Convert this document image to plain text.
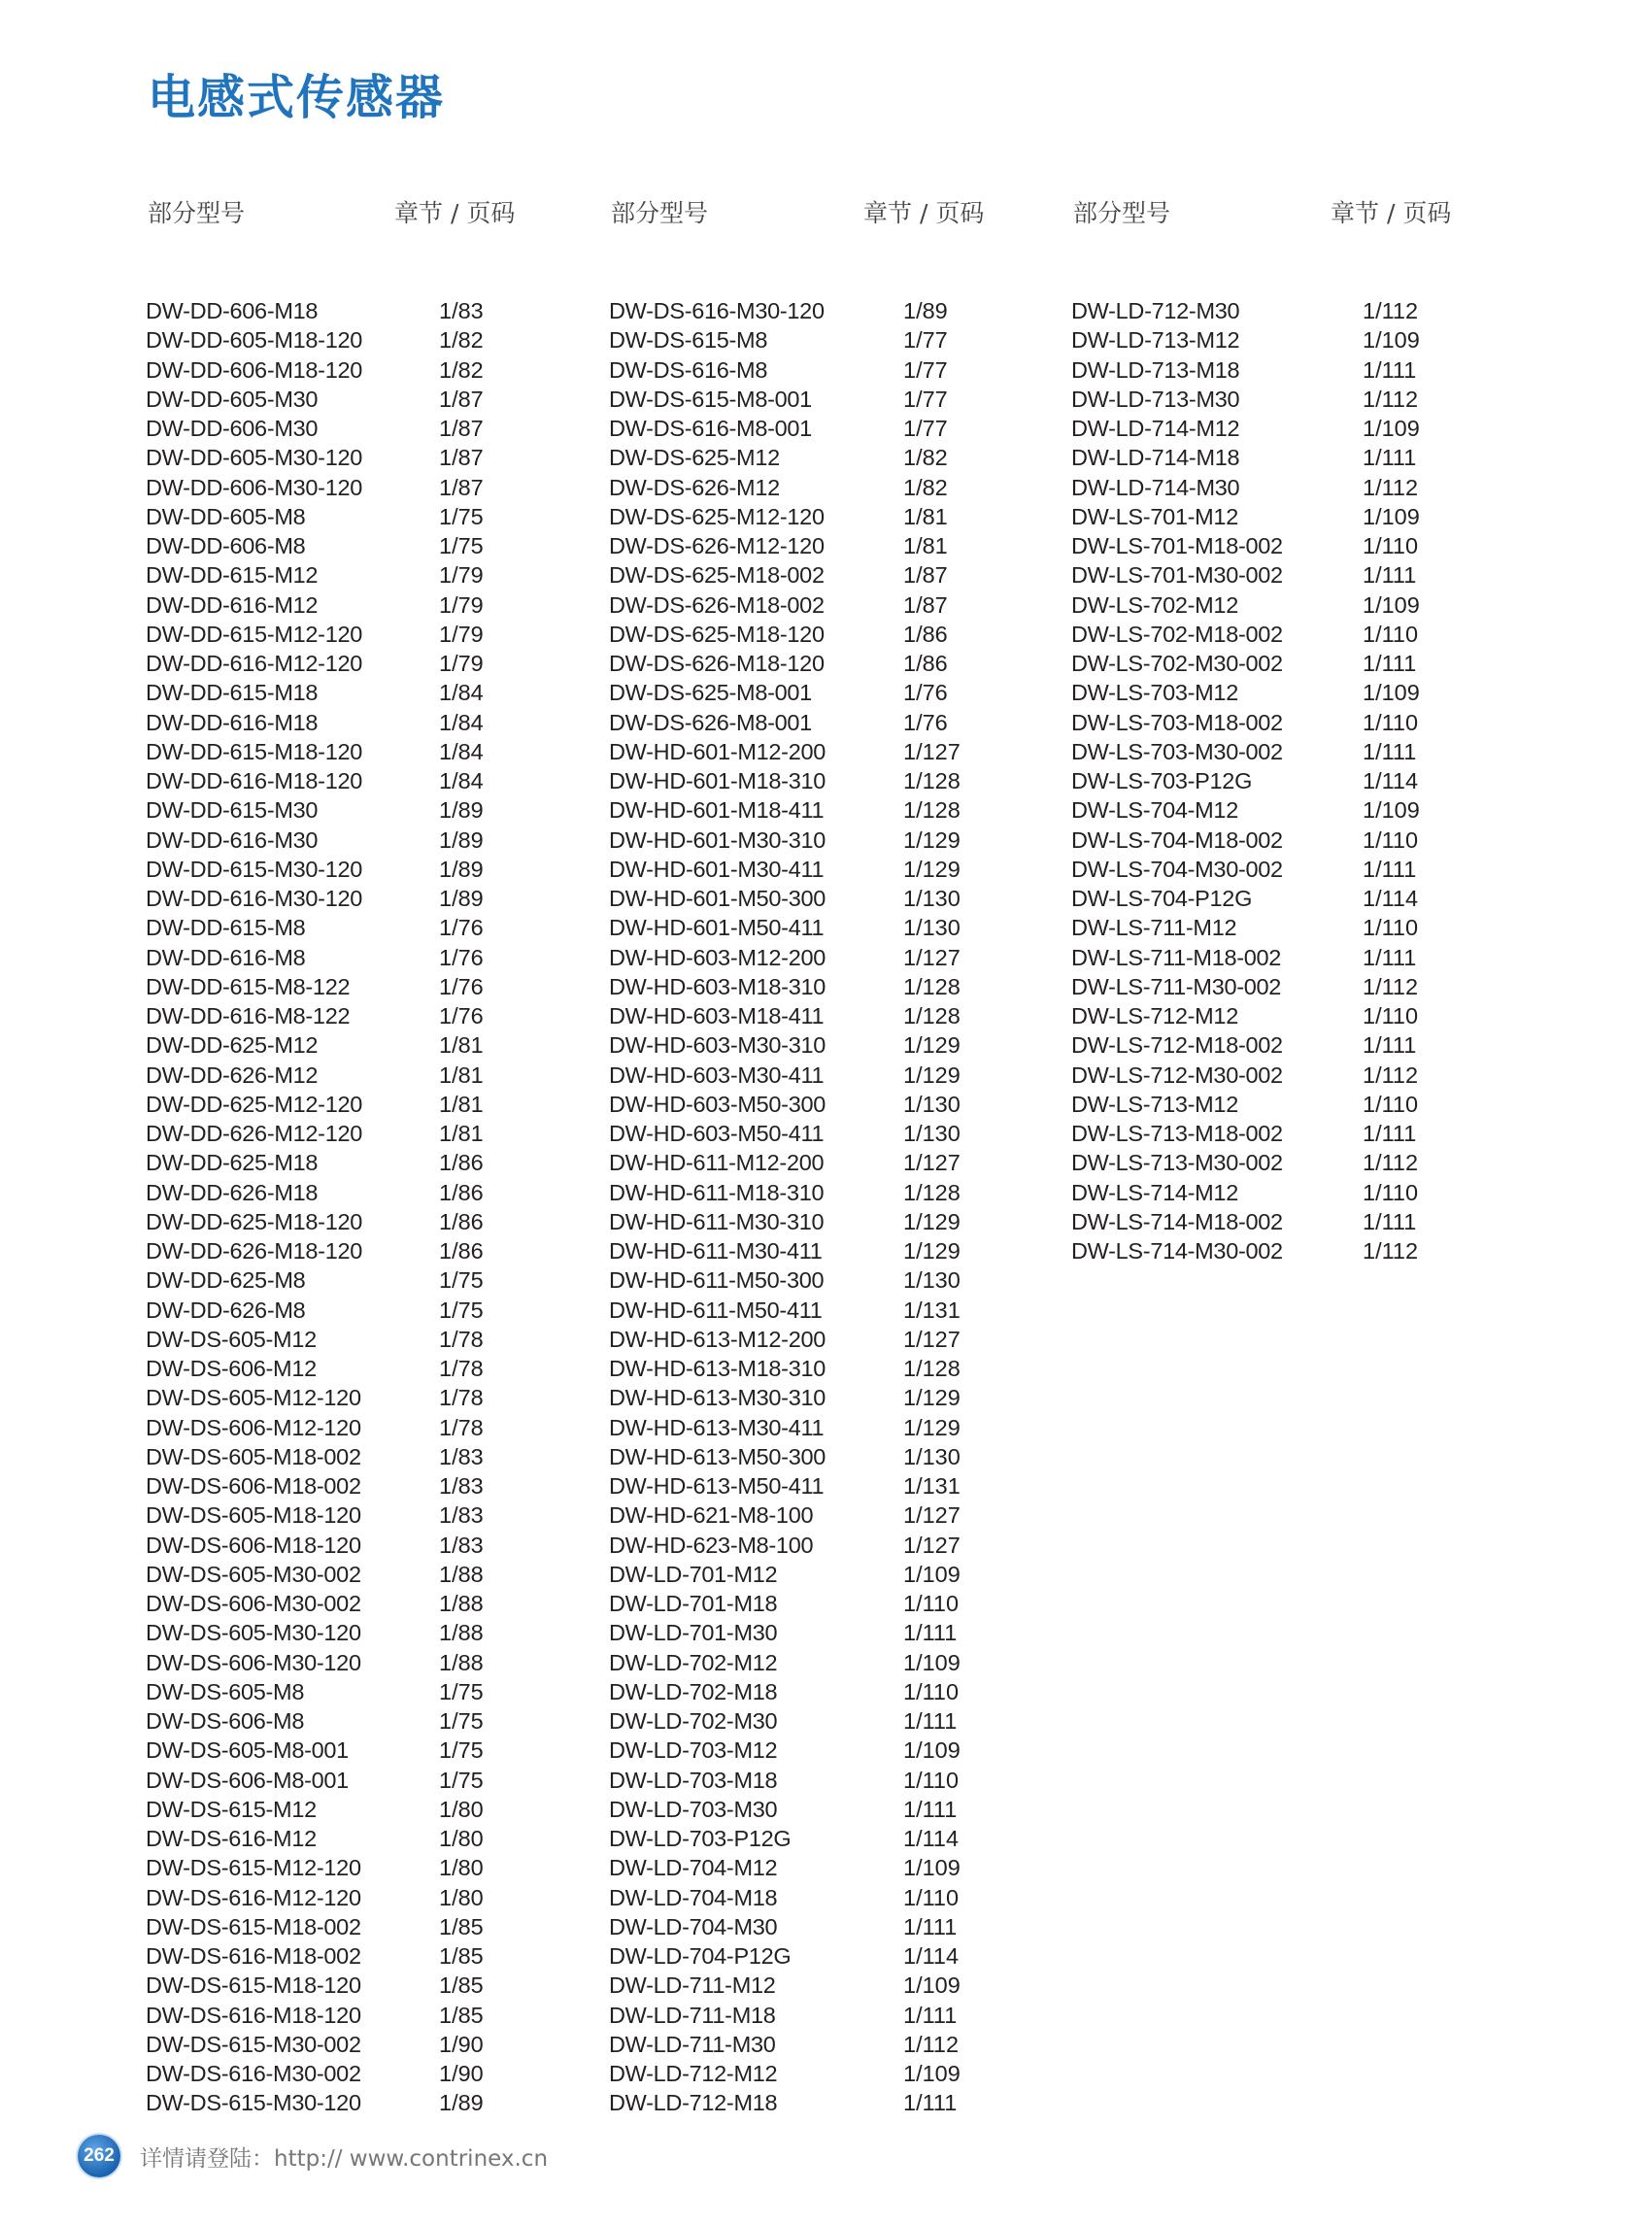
电感式传感器
部分型号	章节 / 页码
DW-DD-606-M18	1/83
DW-DD-605-M18-120	1/82
DW-DD-606-M18-120	1/82
DW-DD-605-M30	1/87
DW-DD-606-M30	1/87
DW-DD-605-M30-120	1/87
DW-DD-606-M30-120	1/87
DW-DD-605-M8	1/75
DW-DD-606-M8	1/75
DW-DD-615-M12	1/79
DW-DD-616-M12	1/79
DW-DD-615-M12-120	1/79
DW-DD-616-M12-120	1/79
DW-DD-615-M18	1/84
DW-DD-616-M18	1/84
DW-DD-615-M18-120	1/84
DW-DD-616-M18-120	1/84
DW-DD-615-M30	1/89
DW-DD-616-M30	1/89
DW-DD-615-M30-120	1/89
DW-DD-616-M30-120	1/89
DW-DD-615-M8	1/76
DW-DD-616-M8	1/76
DW-DD-615-M8-122	1/76
DW-DD-616-M8-122	1/76
DW-DD-625-M12	1/81
DW-DD-626-M12	1/81
DW-DD-625-M12-120	1/81
DW-DD-626-M12-120	1/81
DW-DD-625-M18	1/86
DW-DD-626-M18	1/86
DW-DD-625-M18-120	1/86
DW-DD-626-M18-120	1/86
DW-DD-625-M8	1/75
DW-DD-626-M8	1/75
DW-DS-605-M12	1/78
DW-DS-606-M12	1/78
DW-DS-605-M12-120	1/78
DW-DS-606-M12-120	1/78
DW-DS-605-M18-002	1/83
DW-DS-606-M18-002	1/83
DW-DS-605-M18-120	1/83
DW-DS-606-M18-120	1/83
DW-DS-605-M30-002	1/88
DW-DS-606-M30-002	1/88
DW-DS-605-M30-120	1/88
DW-DS-606-M30-120	1/88
DW-DS-605-M8	1/75
DW-DS-606-M8	1/75
DW-DS-605-M8-001	1/75
DW-DS-606-M8-001	1/75
DW-DS-615-M12	1/80
DW-DS-616-M12	1/80
DW-DS-615-M12-120	1/80
DW-DS-616-M12-120	1/80
DW-DS-615-M18-002	1/85
DW-DS-616-M18-002	1/85
DW-DS-615-M18-120	1/85
DW-DS-616-M18-120	1/85
DW-DS-615-M30-002	1/90
DW-DS-616-M30-002	1/90
DW-DS-615-M30-120	1/89
部分型号	章节 / 页码
DW-DS-616-M30-120	1/89
DW-DS-615-M8	1/77
DW-DS-616-M8	1/77
DW-DS-615-M8-001	1/77
DW-DS-616-M8-001	1/77
DW-DS-625-M12	1/82
DW-DS-626-M12	1/82
DW-DS-625-M12-120	1/81
DW-DS-626-M12-120	1/81
DW-DS-625-M18-002	1/87
DW-DS-626-M18-002	1/87
DW-DS-625-M18-120	1/86
DW-DS-626-M18-120	1/86
DW-DS-625-M8-001	1/76
DW-DS-626-M8-001	1/76
DW-HD-601-M12-200	1/127
DW-HD-601-M18-310	1/128
DW-HD-601-M18-411	1/128
DW-HD-601-M30-310	1/129
DW-HD-601-M30-411	1/129
DW-HD-601-M50-300	1/130
DW-HD-601-M50-411	1/130
DW-HD-603-M12-200	1/127
DW-HD-603-M18-310	1/128
DW-HD-603-M18-411	1/128
DW-HD-603-M30-310	1/129
DW-HD-603-M30-411	1/129
DW-HD-603-M50-300	1/130
DW-HD-603-M50-411	1/130
DW-HD-611-M12-200	1/127
DW-HD-611-M18-310	1/128
DW-HD-611-M30-310	1/129
DW-HD-611-M30-411	1/129
DW-HD-611-M50-300	1/130
DW-HD-611-M50-411	1/131
DW-HD-613-M12-200	1/127
DW-HD-613-M18-310	1/128
DW-HD-613-M30-310	1/129
DW-HD-613-M30-411	1/129
DW-HD-613-M50-300	1/130
DW-HD-613-M50-411	1/131
DW-HD-621-M8-100	1/127
DW-HD-623-M8-100	1/127
DW-LD-701-M12	1/109
DW-LD-701-M18	1/110
DW-LD-701-M30	1/111
DW-LD-702-M12	1/109
DW-LD-702-M18	1/110
DW-LD-702-M30	1/111
DW-LD-703-M12	1/109
DW-LD-703-M18	1/110
DW-LD-703-M30	1/111
DW-LD-703-P12G	1/114
DW-LD-704-M12	1/109
DW-LD-704-M18	1/110
DW-LD-704-M30	1/111
DW-LD-704-P12G	1/114
DW-LD-711-M12	1/109
DW-LD-711-M18	1/111
DW-LD-711-M30	1/112
DW-LD-712-M12	1/109
DW-LD-712-M18	1/111
部分型号	章节 / 页码
DW-LD-712-M30	1/112
DW-LD-713-M12	1/109
DW-LD-713-M18	1/111
DW-LD-713-M30	1/112
DW-LD-714-M12	1/109
DW-LD-714-M18	1/111
DW-LD-714-M30	1/112
DW-LS-701-M12	1/109
DW-LS-701-M18-002	1/110
DW-LS-701-M30-002	1/111
DW-LS-702-M12	1/109
DW-LS-702-M18-002	1/110
DW-LS-702-M30-002	1/111
DW-LS-703-M12	1/109
DW-LS-703-M18-002	1/110
DW-LS-703-M30-002	1/111
DW-LS-703-P12G	1/114
DW-LS-704-M12	1/109
DW-LS-704-M18-002	1/110
DW-LS-704-M30-002	1/111
DW-LS-704-P12G	1/114
DW-LS-711-M12	1/110
DW-LS-711-M18-002	1/111
DW-LS-711-M30-002	1/112
DW-LS-712-M12	1/110
DW-LS-712-M18-002	1/111
DW-LS-712-M30-002	1/112
DW-LS-713-M12	1/110
DW-LS-713-M18-002	1/111
DW-LS-713-M30-002	1/112
DW-LS-714-M12	1/110
DW-LS-714-M18-002	1/111
DW-LS-714-M30-002	1/112
262 详情请登陆：http:// www.contrinex.cn
